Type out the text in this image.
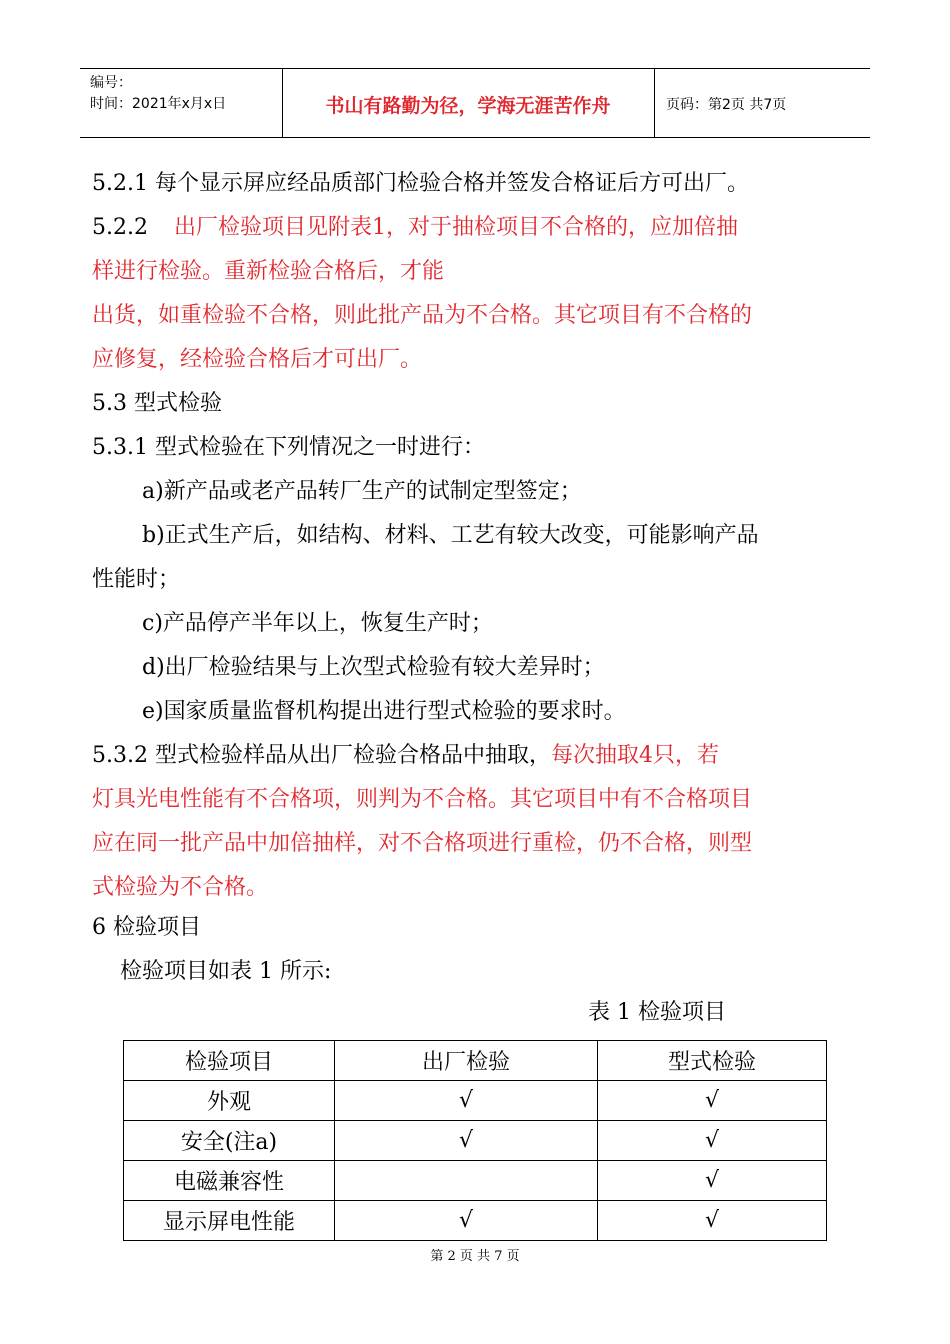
编号：
时间：2021年x月x日	书山有路勤为径，学海无涯苦作舟	页码：第2页 共7页

5.2.1 每个显示屏应经品质部门检验合格并签发合格证后方可出厂。

5.2.2 出厂检验项目见附表1，对于抽检项目不合格的，应加倍抽

样进行检验。重新检验合格后，才能

出货，如重检验不合格，则此批产品为不合格。其它项目有不合格的

应修复，经检验合格后才可出厂。

5.3 型式检验

5.3.1 型式检验在下列情况之一时进行：

a)新产品或老产品转厂生产的试制定型签定；

b)正式生产后，如结构、材料、工艺有较大改变，可能影响产品

性能时；

c)产品停产半年以上，恢复生产时；

d)出厂检验结果与上次型式检验有较大差异时；

e)国家质量监督机构提出进行型式检验的要求时。

5.3.2 型式检验样品从出厂检验合格品中抽取，每次抽取4只，若

灯具光电性能有不合格项，则判为不合格。其它项目中有不合格项目

应在同一批产品中加倍抽样，对不合格项进行重检，仍不合格，则型

式检验为不合格。

6 检验项目

检验项目如表 1 所示:

表 1 检验项目
检验项目	出厂检验	型式检验
外观	√	√
安全(注a)	√	√
电磁兼容性		√
显示屏电性能	√	√
第 2 页 共 7 页
